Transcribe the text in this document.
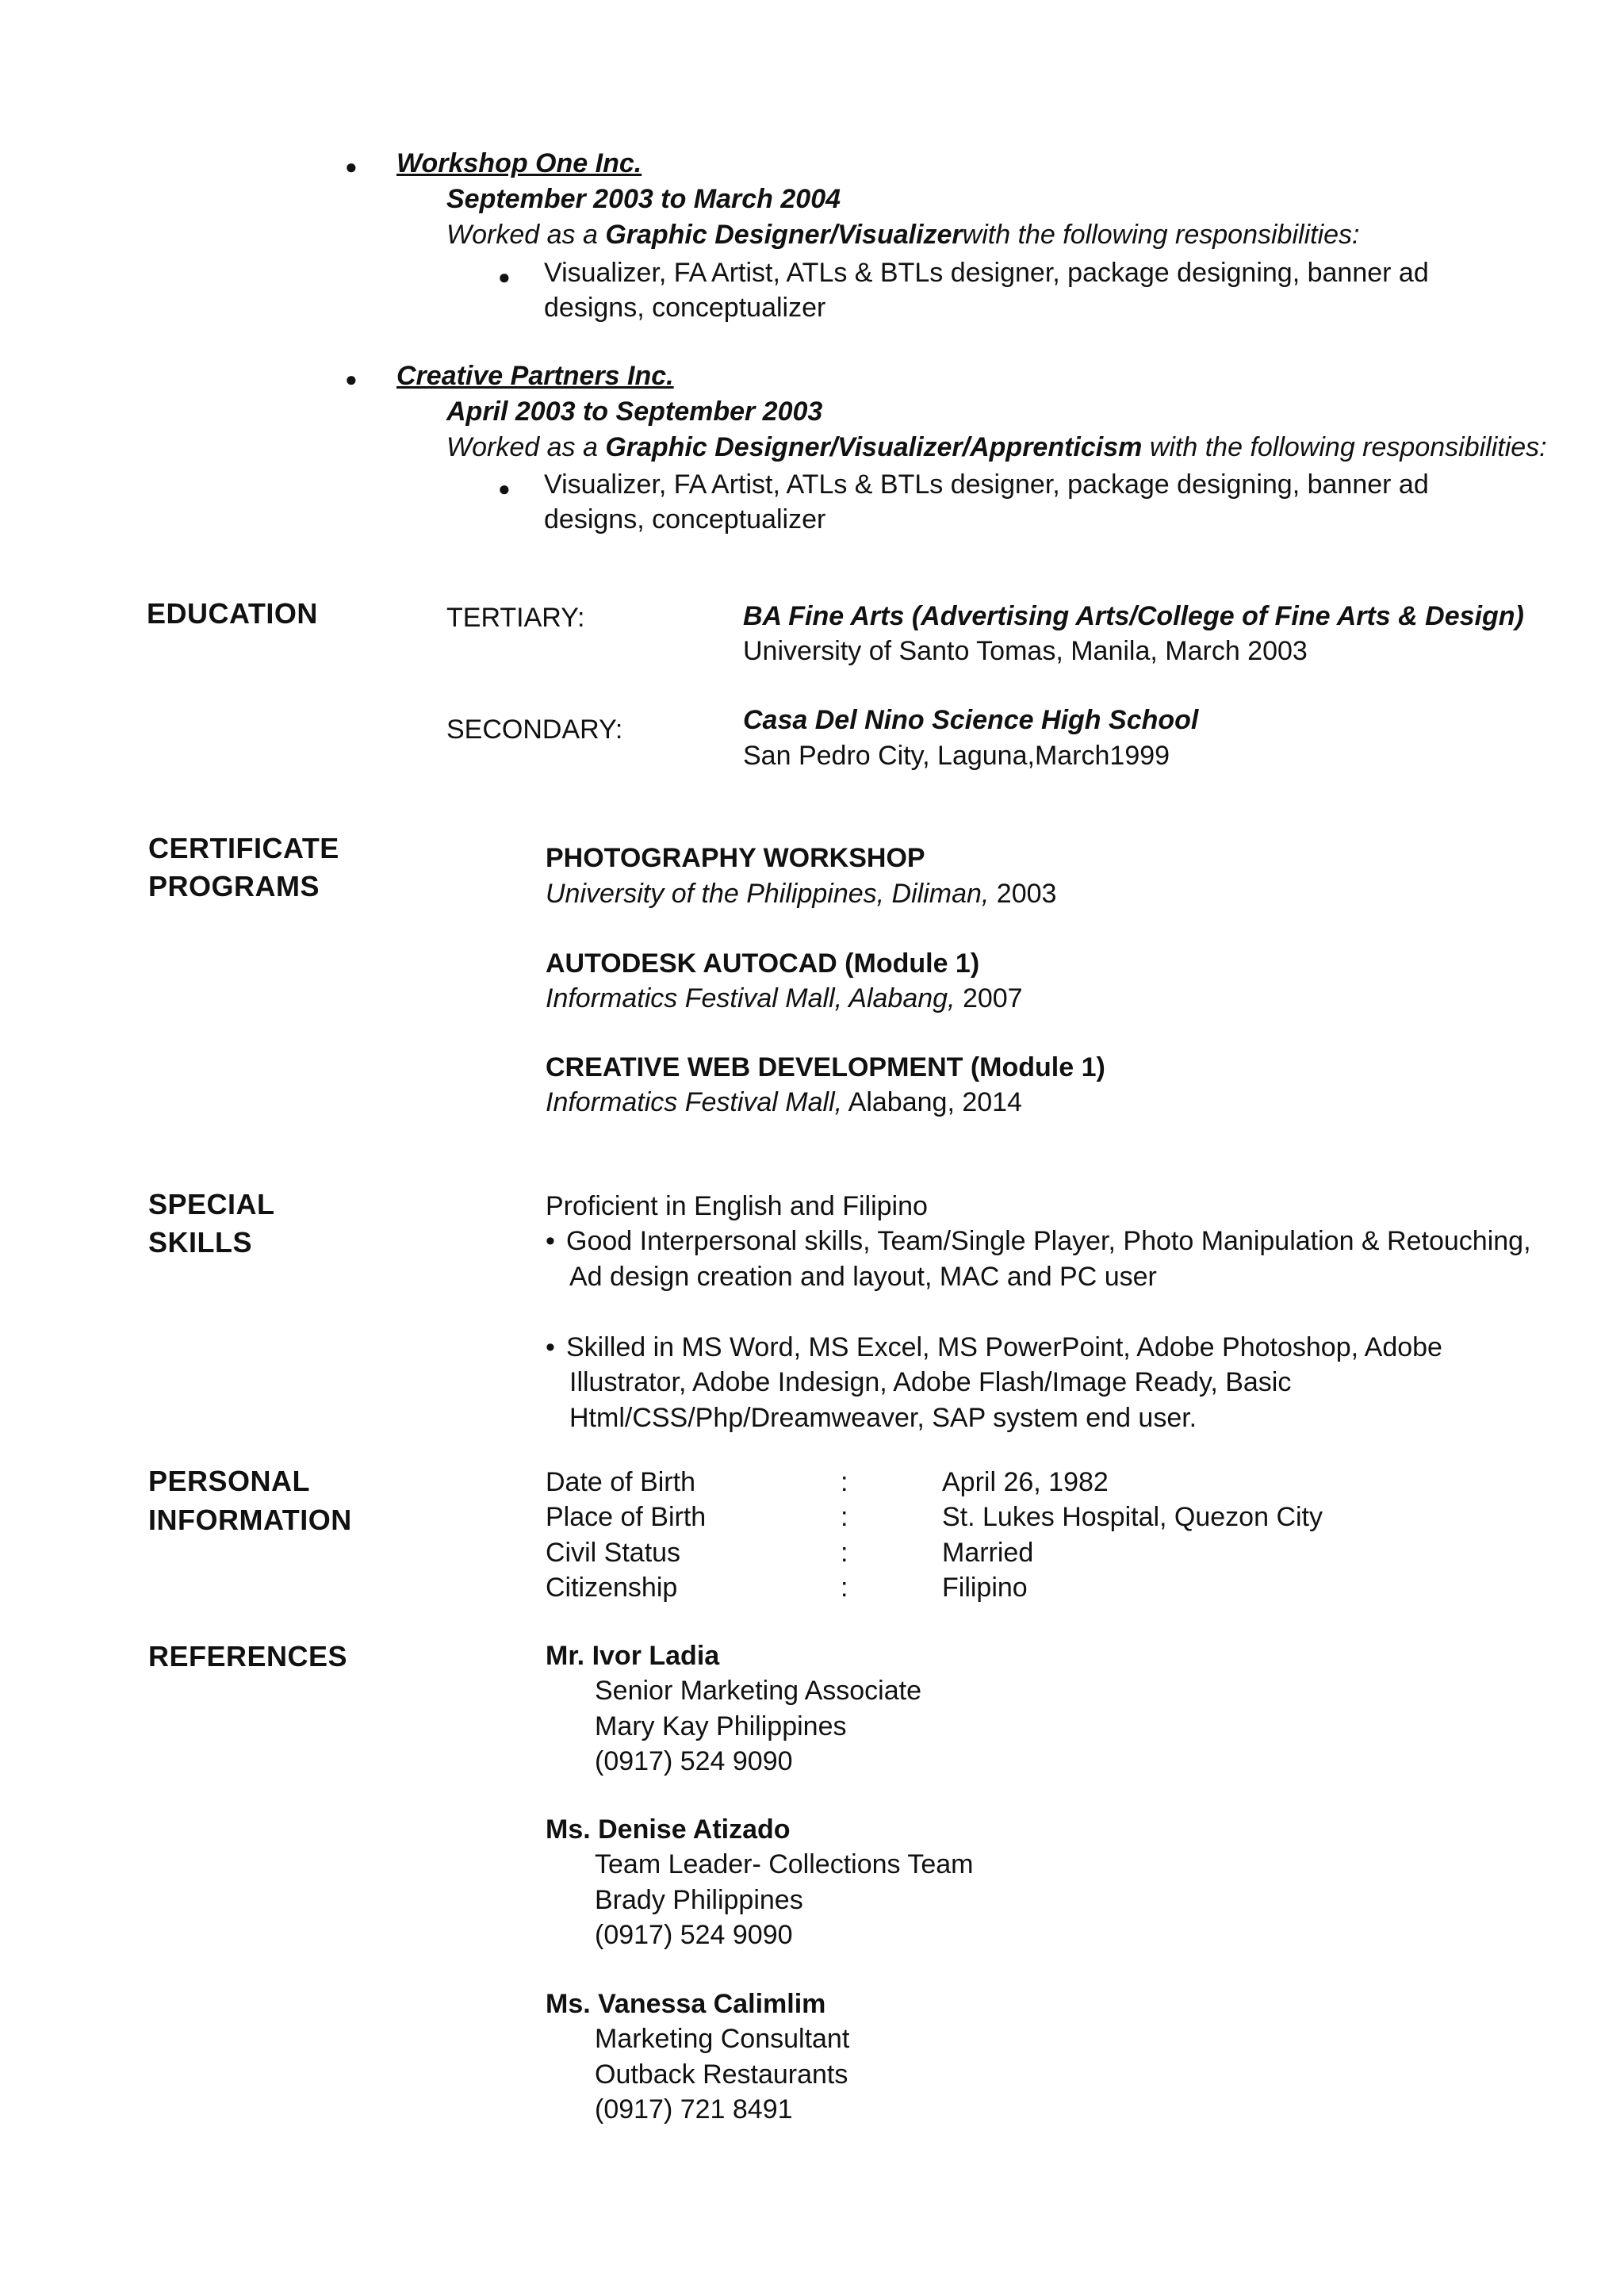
● Workshop One Inc.
September 2003 to March 2004
Worked as a Graphic Designer/Visualizerwith the following responsibilities:
● Visualizer, FA Artist, ATLs & BTLs designer, package designing, banner ad designs, conceptualizer
● Creative Partners Inc.
April 2003 to September 2003
Worked as a Graphic Designer/Visualizer/Apprenticism with the following responsibilities:
● Visualizer, FA Artist, ATLs & BTLs designer, package designing, banner ad designs, conceptualizer
EDUCATION	TERTIARY:	BA Fine Arts (Advertising Arts/College of Fine Arts & Design)
University of Santo Tomas, Manila, March 2003
SECONDARY:	Casa Del Nino Science High School
San Pedro City, Laguna,March1999
CERTIFICATE
PROGRAMS
PHOTOGRAPHY WORKSHOP
University of the Philippines, Diliman, 2003
AUTODESK AUTOCAD (Module 1)
Informatics Festival Mall, Alabang, 2007
CREATIVE WEB DEVELOPMENT (Module 1)
Informatics Festival Mall, Alabang, 2014
SPECIAL
SKILLS
Proficient in English and Filipino
• Good Interpersonal skills, Team/Single Player, Photo Manipulation & Retouching,
Ad design creation and layout, MAC and PC user
• Skilled in MS Word, MS Excel, MS PowerPoint, Adobe Photoshop, Adobe
Illustrator, Adobe Indesign, Adobe Flash/Image Ready, Basic
Html/CSS/Php/Dreamweaver, SAP system end user.
PERSONAL
INFORMATION
Date of Birth	:	April 26, 1982
Place of Birth	:	St. Lukes Hospital, Quezon City
Civil Status	:	Married
Citizenship	:	Filipino
REFERENCES	Mr. Ivor Ladia
Senior Marketing Associate
Mary Kay Philippines
(0917) 524 9090
Ms. Denise Atizado
Team Leader- Collections Team
Brady Philippines
(0917) 524 9090
Ms. Vanessa Calimlim
Marketing Consultant
Outback Restaurants
(0917) 721 8491
